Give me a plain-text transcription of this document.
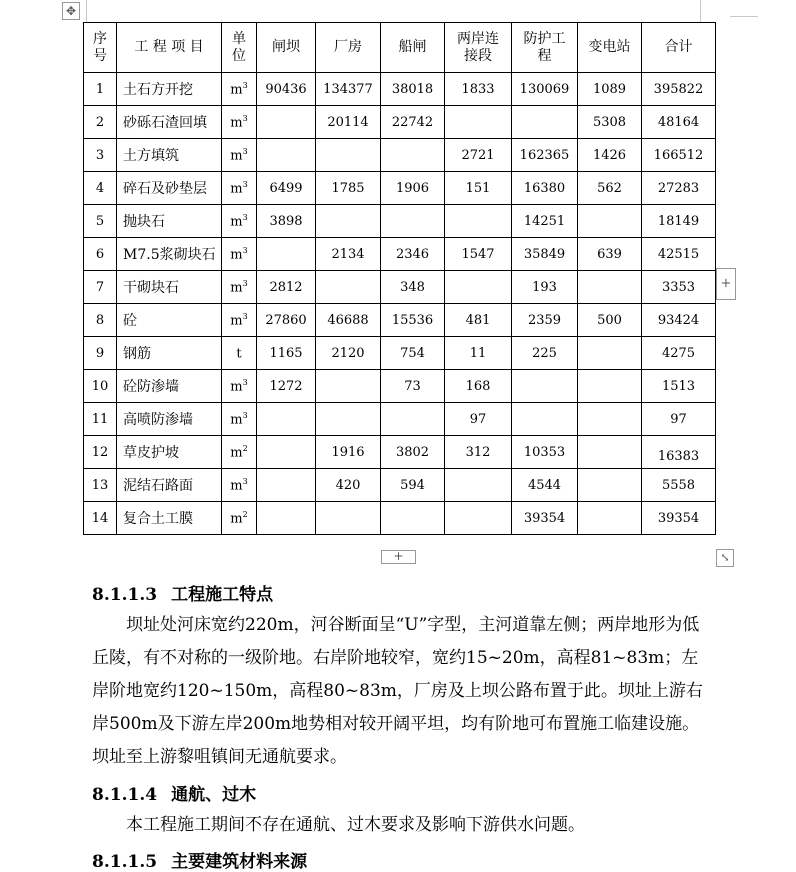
✥
序号	工 程 项 目	单位	闸坝	厂房	船闸	两岸连接段	防护工程	变电站	合计
1	土石方开挖	$m^3$	90436	134377	38018	1833	130069	1089	395822
2	砂砾石渣回填	$m^3$		20114	22742			5308	48164
3	土方填筑	$m^3$				2721	162365	1426	166512
4	碎石及砂垫层	$m^3$	6499	1785	1906	151	16380	562	27283
5	抛块石	$m^3$	3898				14251		18149
6	M7.5浆砌块石	$m^3$		2134	2346	1547	35849	639	42515
7	干砌块石	$m^3$	2812		348		193		3353
8	砼	$m^3$	27860	46688	15536	481	2359	500	93424
9	钢筋	t	1165	2120	754	11	225		4275
10	砼防渗墙	$m^3$	1272		73	168			1513
11	高喷防渗墙	$m^3$				97			97
12	草皮护坡	$m^2$		1916	3802	312	10353		16383
13	泥结石路面	$m^3$		420	594		4544		5558
14	复合土工膜	$m^2$					39354		39354
+
+	⤡
8.1.1.3 工程施工特点
坝址处河床宽约220m，河谷断面呈“U”字型，主河道靠左侧；两岸地形为低丘陵，有不对称的一级阶地。右岸阶地较窄，宽约15~20m，高程81~83m；左岸阶地宽约120~150m，高程80~83m，厂房及上坝公路布置于此。坝址上游右岸500m及下游左岸200m地势相对较开阔平坦，均有阶地可布置施工临建设施。坝址至上游黎咀镇间无通航要求。
8.1.1.4 通航、过木
本工程施工期间不存在通航、过木要求及影响下游供水问题。
8.1.1.5 主要建筑材料来源
